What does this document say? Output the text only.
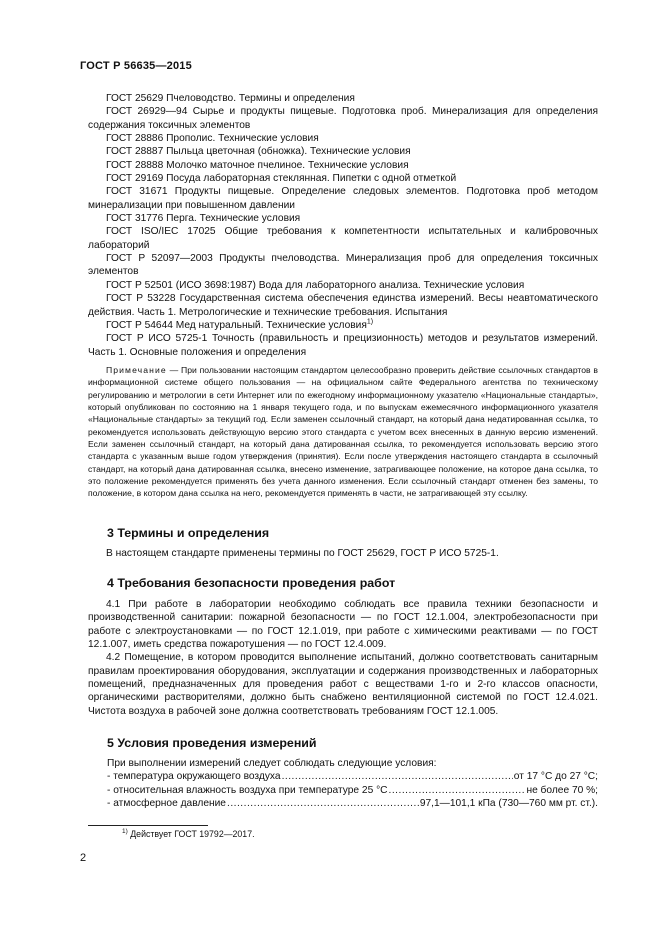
ГОСТ Р 56635—2015

ГОСТ 25629 Пчеловодство. Термины и определения

ГОСТ 26929—94 Сырье и продукты пищевые. Подготовка проб. Минерализация для определения содержания токсичных элементов

ГОСТ 28886 Прополис. Технические условия

ГОСТ 28887 Пыльца цветочная (обножка). Технические условия

ГОСТ 28888 Молочко маточное пчелиное. Технические условия

ГОСТ 29169 Посуда лабораторная стеклянная. Пипетки с одной отметкой

ГОСТ 31671 Продукты пищевые. Определение следовых элементов. Подготовка проб методом минерализации при повышенном давлении

ГОСТ 31776 Перга. Технические условия

ГОСТ ISO/IEC 17025 Общие требования к компетентности испытательных и калибровочных лабораторий

ГОСТ Р 52097—2003 Продукты пчеловодства. Минерализация проб для определения токсичных элементов

ГОСТ Р 52501 (ИСО 3698:1987) Вода для лабораторного анализа. Технические условия

ГОСТ Р 53228 Государственная система обеспечения единства измерений. Весы неавтоматического действия. Часть 1. Метрологические и технические требования. Испытания

ГОСТ Р 54644 Мед натуральный. Технические условия$^{1)}$

ГОСТ Р ИСО 5725-1 Точность (правильность и прецизионность) методов и результатов измерений. Часть 1. Основные положения и определения

Примечание — При пользовании настоящим стандартом целесообразно проверить действие ссылочных стандартов в информационной системе общего пользования — на официальном сайте Федерального агентства по техническому регулированию и метрологии в сети Интернет или по ежегодному информационному указателю «Национальные стандарты», который опубликован по состоянию на 1 января текущего года, и по выпускам ежемесячного информационного указателя «Национальные стандарты» за текущий год. Если заменен ссылочный стандарт, на который дана недатированная ссылка, то рекомендуется использовать действующую версию этого стандарта с учетом всех внесенных в данную версию изменений. Если заменен ссылочный стандарт, на который дана датированная ссылка, то рекомендуется использовать версию этого стандарта с указанным выше годом утверждения (принятия). Если после утверждения настоящего стандарта в ссылочный стандарт, на который дана датированная ссылка, внесено изменение, затрагивающее положение, на которое дана ссылка, то это положение рекомендуется применять без учета данного изменения. Если ссылочный стандарт отменен без замены, то положение, в котором дана ссылка на него, рекомендуется применять в части, не затрагивающей эту ссылку.

3 Термины и определения

В настоящем стандарте применены термины по ГОСТ 25629, ГОСТ Р ИСО 5725-1.

4 Требования безопасности проведения работ

4.1 При работе в лаборатории необходимо соблюдать все правила техники безопасности и производственной санитарии: пожарной безопасности — по ГОСТ 12.1.004, электробезопасности при работе с электроустановками — по ГОСТ 12.1.019, при работе с химическими реактивами — по ГОСТ 12.1.007, иметь средства пожаротушения — по ГОСТ 12.4.009.

4.2 Помещение, в котором проводится выполнение испытаний, должно соответствовать санитарным правилам проектирования оборудования, эксплуатации и содержания производственных и лабораторных помещений, предназначенных для проведения работ с веществами 1-го и 2-го классов опасности, органическими растворителями, должно быть снабжено вентиляционной системой по ГОСТ 12.4.021. Чистота воздуха в рабочей зоне должна соответствовать требованиям ГОСТ 12.1.005.

5 Условия проведения измерений

При выполнении измерений следует соблюдать следующие условия:

- температура окружающего воздуха .....	от 17 °С до 27 °С;
- относительная влажность воздуха при температуре 25 °С .....	не более 70 %;
- атмосферное давление .....	97,1—101,1 кПа (730—760 мм рт. ст.).
$^{1)}$ Действует ГОСТ 19792—2017.
2
